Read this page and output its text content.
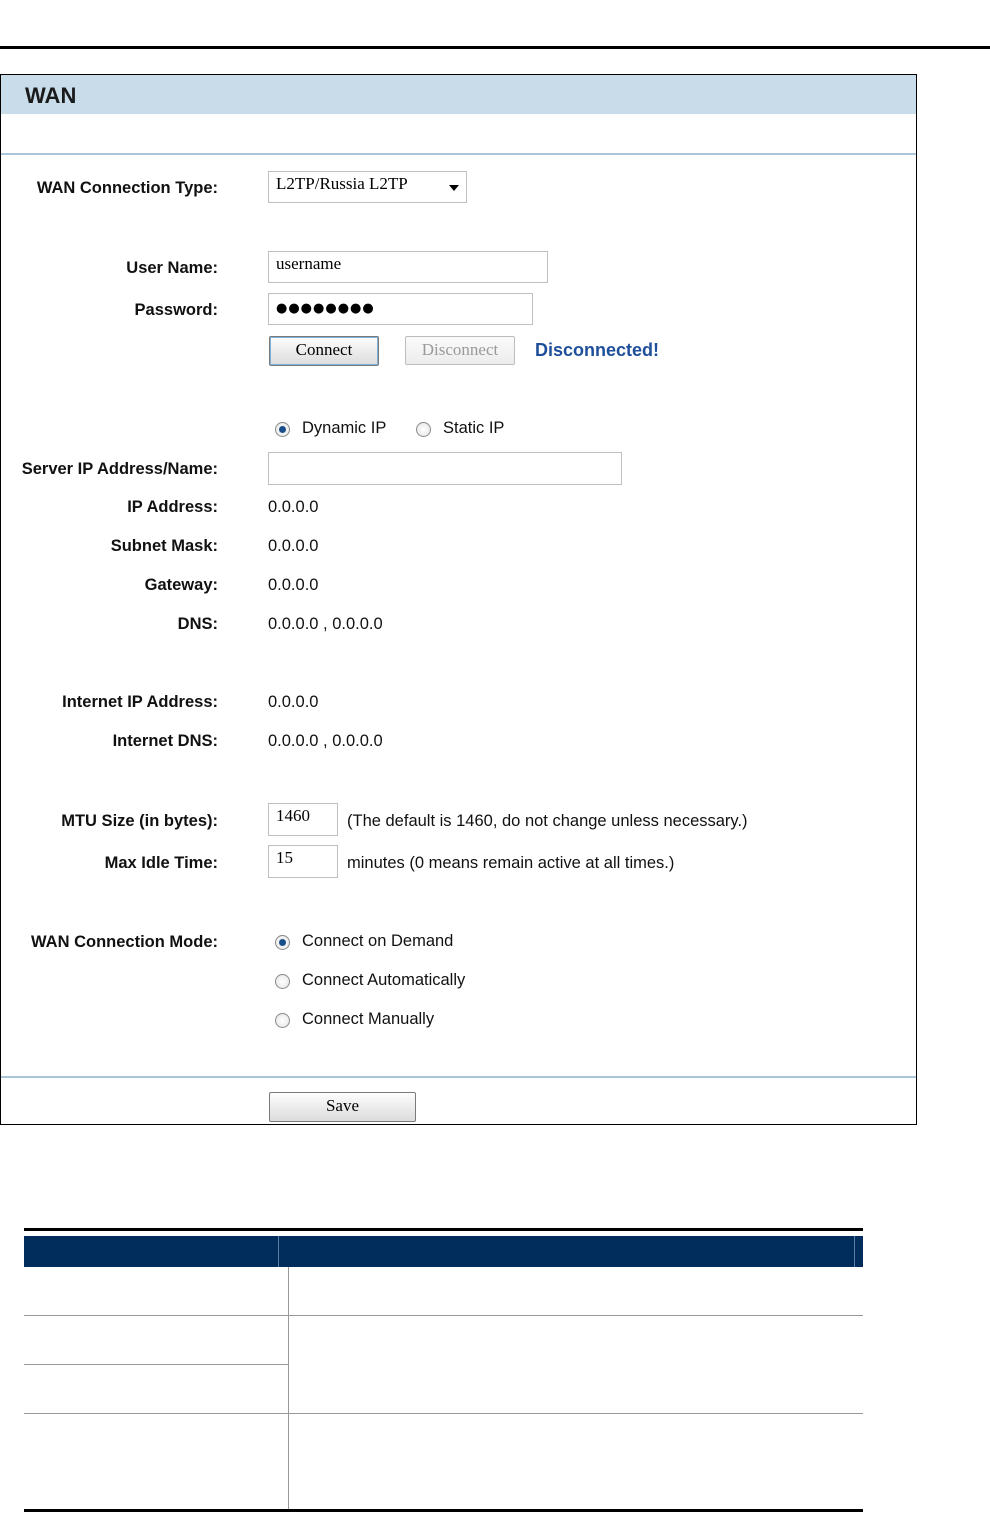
WAN
WAN Connection Type:	L2TP/Russia L2TP
User Name:	username
Password:	●●●●●●●●
Connect	Disconnect	Disconnected!
Dynamic IP	Static IP
Server IP Address/Name:
IP Address:	0.0.0.0
Subnet Mask:	0.0.0.0
Gateway:	0.0.0.0
DNS:	0.0.0.0 , 0.0.0.0
Internet IP Address:	0.0.0.0
Internet DNS:	0.0.0.0 , 0.0.0.0
MTU Size (in bytes):	1460	(The default is 1460, do not change unless necessary.)
Max Idle Time:	15	minutes (0 means remain active at all times.)
WAN Connection Mode:	Connect on Demand
Connect Automatically
Connect Manually
Save
